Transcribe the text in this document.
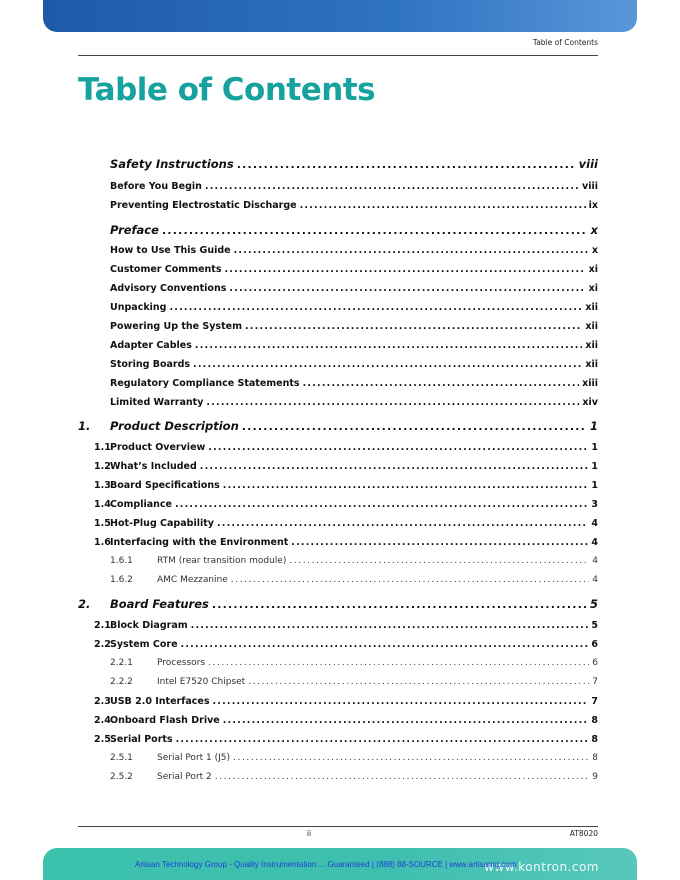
Table of Contents
Table of Contents
Safety Instructions .....	viii
Before You Begin .....	viii
Preventing Electrostatic Discharge .....	ix
Preface .....	x
How to Use This Guide .....	x
Customer Comments .....	xi
Advisory Conventions .....	xi
Unpacking .....	xii
Powering Up the System .....	xii
Adapter Cables .....	xii
Storing Boards .....	xii
Regulatory Compliance Statements .....	xiii
Limited Warranty .....	xiv
1. Product Description .....	1
1.1 Product Overview .....	1
1.2 What’s Included .....	1
1.3 Board Specifications .....	1
1.4 Compliance .....	3
1.5 Hot-Plug Capability .....	4
1.6 Interfacing with the Environment .....	4
1.6.1	RTM (rear transition module) .....	4
1.6.2	AMC Mezzanine .....	4
2. Board Features .....	5
2.1 Block Diagram .....	5
2.2 System Core .....	6
2.2.1	Processors .....	6
2.2.2	Intel E7520 Chipset .....	7
2.3 USB 2.0 Interfaces .....	7
2.4 Onboard Flash Drive .....	8
2.5 Serial Ports .....	8
2.5.1	Serial Port 1 (J5) .....	8
2.5.2	Serial Port 2 .....	9
ii	AT8020
www.kontron.com
Artisan Technology Group - Quality Instrumentation ... Guaranteed | (888) 88-SOURCE | www.artisantg.com
